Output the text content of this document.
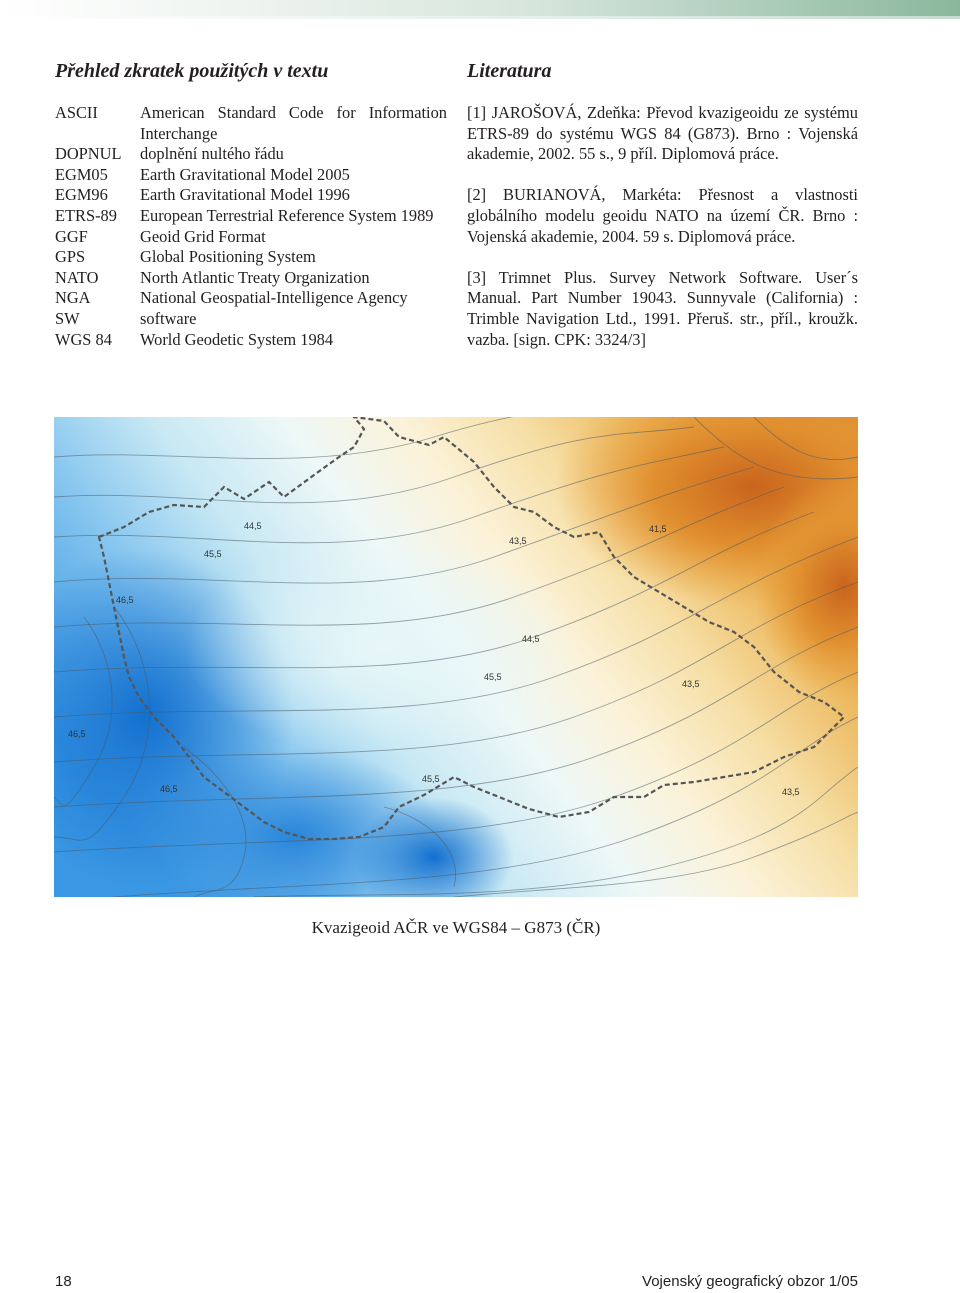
Přehled zkratek použitých v textu	Literatura
ASCII	American Standard Code for Information Interchange
DOPNUL	doplnění nultého řádu
EGM05	Earth Gravitational Model 2005
EGM96	Earth Gravitational Model 1996
ETRS-89	European Terrestrial Reference System 1989
GGF	Geoid Grid Format
GPS	Global Positioning System
NATO	North Atlantic Treaty Organization
NGA	National Geospatial-Intelligence Agency
SW	software
WGS 84	World Geodetic System 1984

[1] JAROŠOVÁ, Zdeňka: Převod kvazigeoidu ze systému ETRS-89 do systému WGS 84 (G873). Brno : Vojenská akademie, 2002. 55 s., 9 příl. Diplomová práce.

[2] BURIANOVÁ, Markéta: Přesnost a vlastnosti globálního modelu geoidu NATO na území ČR. Brno : Vojenská akademie, 2004. 59 s. Diplomová práce.

[3] Trimnet Plus. Survey Network Software. User´s Manual. Part Number 19043. Sunnyvale (California) : Trimble Navigation Ltd., 1991. Přeruš. str., příl., kroužk. vazba. [sign. CPK: 3324/3]

44,5
45,5
46,5
43,5
41,5
44,5
45,5
43,5
46,5
45,5
43,5
46,5
Kvazigeoid AČR ve WGS84 – G873 (ČR)
18	Vojenský geografický obzor 1/05
